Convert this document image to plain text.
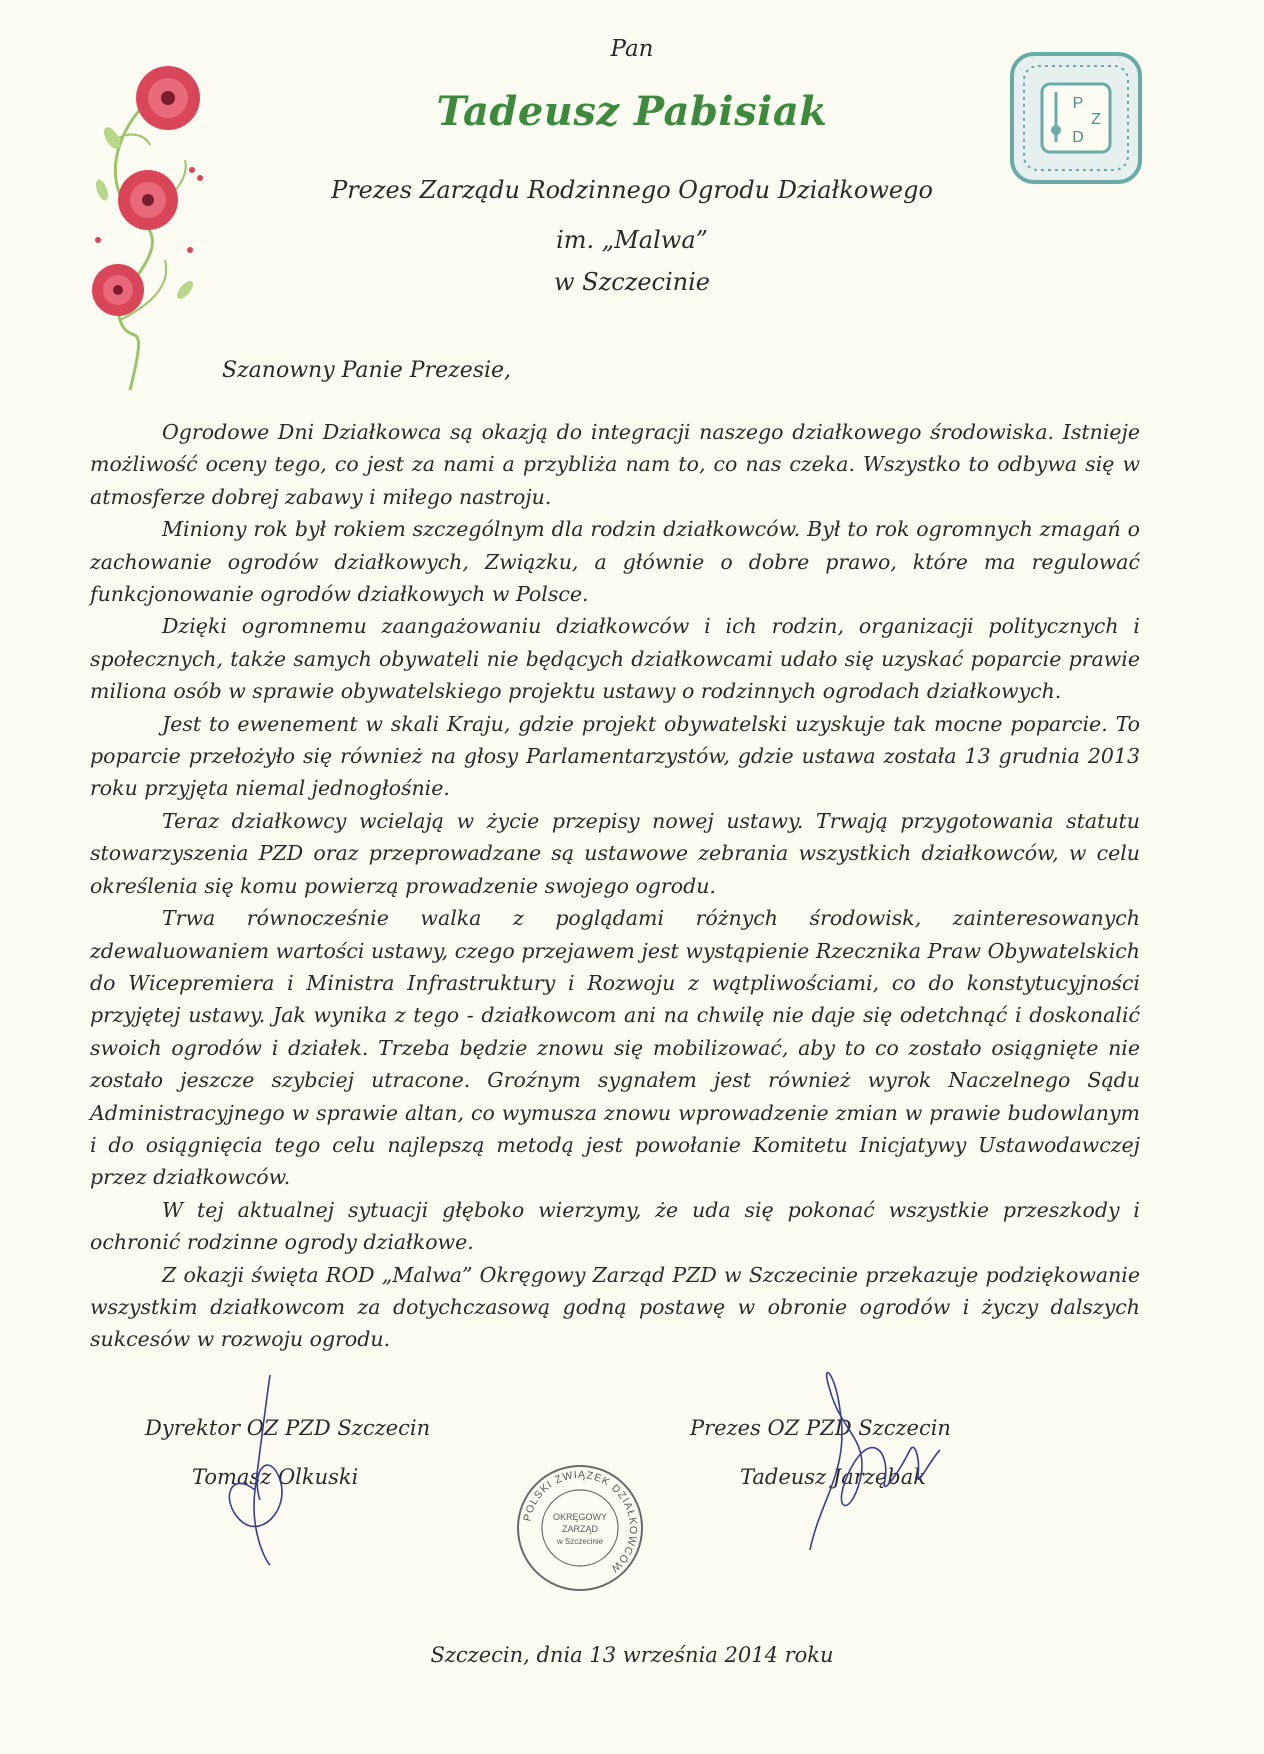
P
Z
D
Pan
Tadeusz Pabisiak
Prezes Zarządu Rodzinnego Ogrodu Działkowego
im. „Malwa”
w Szczecinie
Szanowny Panie Prezesie,

Ogrodowe Dni Działkowca są okazją do integracji naszego działkowego środowiska. Istnieje możliwość oceny tego, co jest za nami a przybliża nam to, co nas czeka. Wszystko to odbywa się w atmosferze dobrej zabawy i miłego nastroju.

Miniony rok był rokiem szczególnym dla rodzin działkowców. Był to rok ogromnych zmagań o zachowanie ogrodów działkowych, Związku, a głównie o dobre prawo, które ma regulować funkcjonowanie ogrodów działkowych w Polsce.

Dzięki ogromnemu zaangażowaniu działkowców i ich rodzin, organizacji politycznych i społecznych, także samych obywateli nie będących działkowcami udało się uzyskać poparcie prawie miliona osób w sprawie obywatelskiego projektu ustawy o rodzinnych ogrodach działkowych.

Jest to ewenement w skali Kraju, gdzie projekt obywatelski uzyskuje tak mocne poparcie. To poparcie przełożyło się również na głosy Parlamentarzystów, gdzie ustawa została 13 grudnia 2013 roku przyjęta niemal jednogłośnie.

Teraz działkowcy wcielają w życie przepisy nowej ustawy. Trwają przygotowania statutu stowarzyszenia PZD oraz przeprowadzane są ustawowe zebrania wszystkich działkowców, w celu określenia się komu powierzą prowadzenie swojego ogrodu.

Trwa równocześnie walka z poglądami różnych środowisk, zainteresowanych zdewaluowaniem wartości ustawy, czego przejawem jest wystąpienie Rzecznika Praw Obywatelskich do Wicepremiera i Ministra Infrastruktury i Rozwoju z wątpliwościami, co do konstytucyjności przyjętej ustawy. Jak wynika z tego - działkowcom ani na chwilę nie daje się odetchnąć i doskonalić swoich ogrodów i działek. Trzeba będzie znowu się mobilizować, aby to co zostało osiągnięte nie zostało jeszcze szybciej utracone. Groźnym sygnałem jest również wyrok Naczelnego Sądu Administracyjnego w sprawie altan, co wymusza znowu wprowadzenie zmian w prawie budowlanym i do osiągnięcia tego celu najlepszą metodą jest powołanie Komitetu Inicjatywy Ustawodawczej przez działkowców.

W tej aktualnej sytuacji głęboko wierzymy, że uda się pokonać wszystkie przeszkody i ochronić rodzinne ogrody działkowe.

Z okazji święta ROD „Malwa” Okręgowy Zarząd PZD w Szczecinie przekazuje podziękowanie wszystkim działkowcom za dotychczasową godną postawę w obronie ogrodów i życzy dalszych sukcesów w rozwoju ogrodu.

Dyrektor OZ PZD Szczecin
Tomasz Olkuski
Prezes OZ PZD Szczecin
Tadeusz Jarzębak
POLSKI ZWIĄZEK DZIAŁKOWCÓW
OKRĘGOWY
ZARZĄD
w Szczecinie
Szczecin, dnia 13 września 2014 roku
